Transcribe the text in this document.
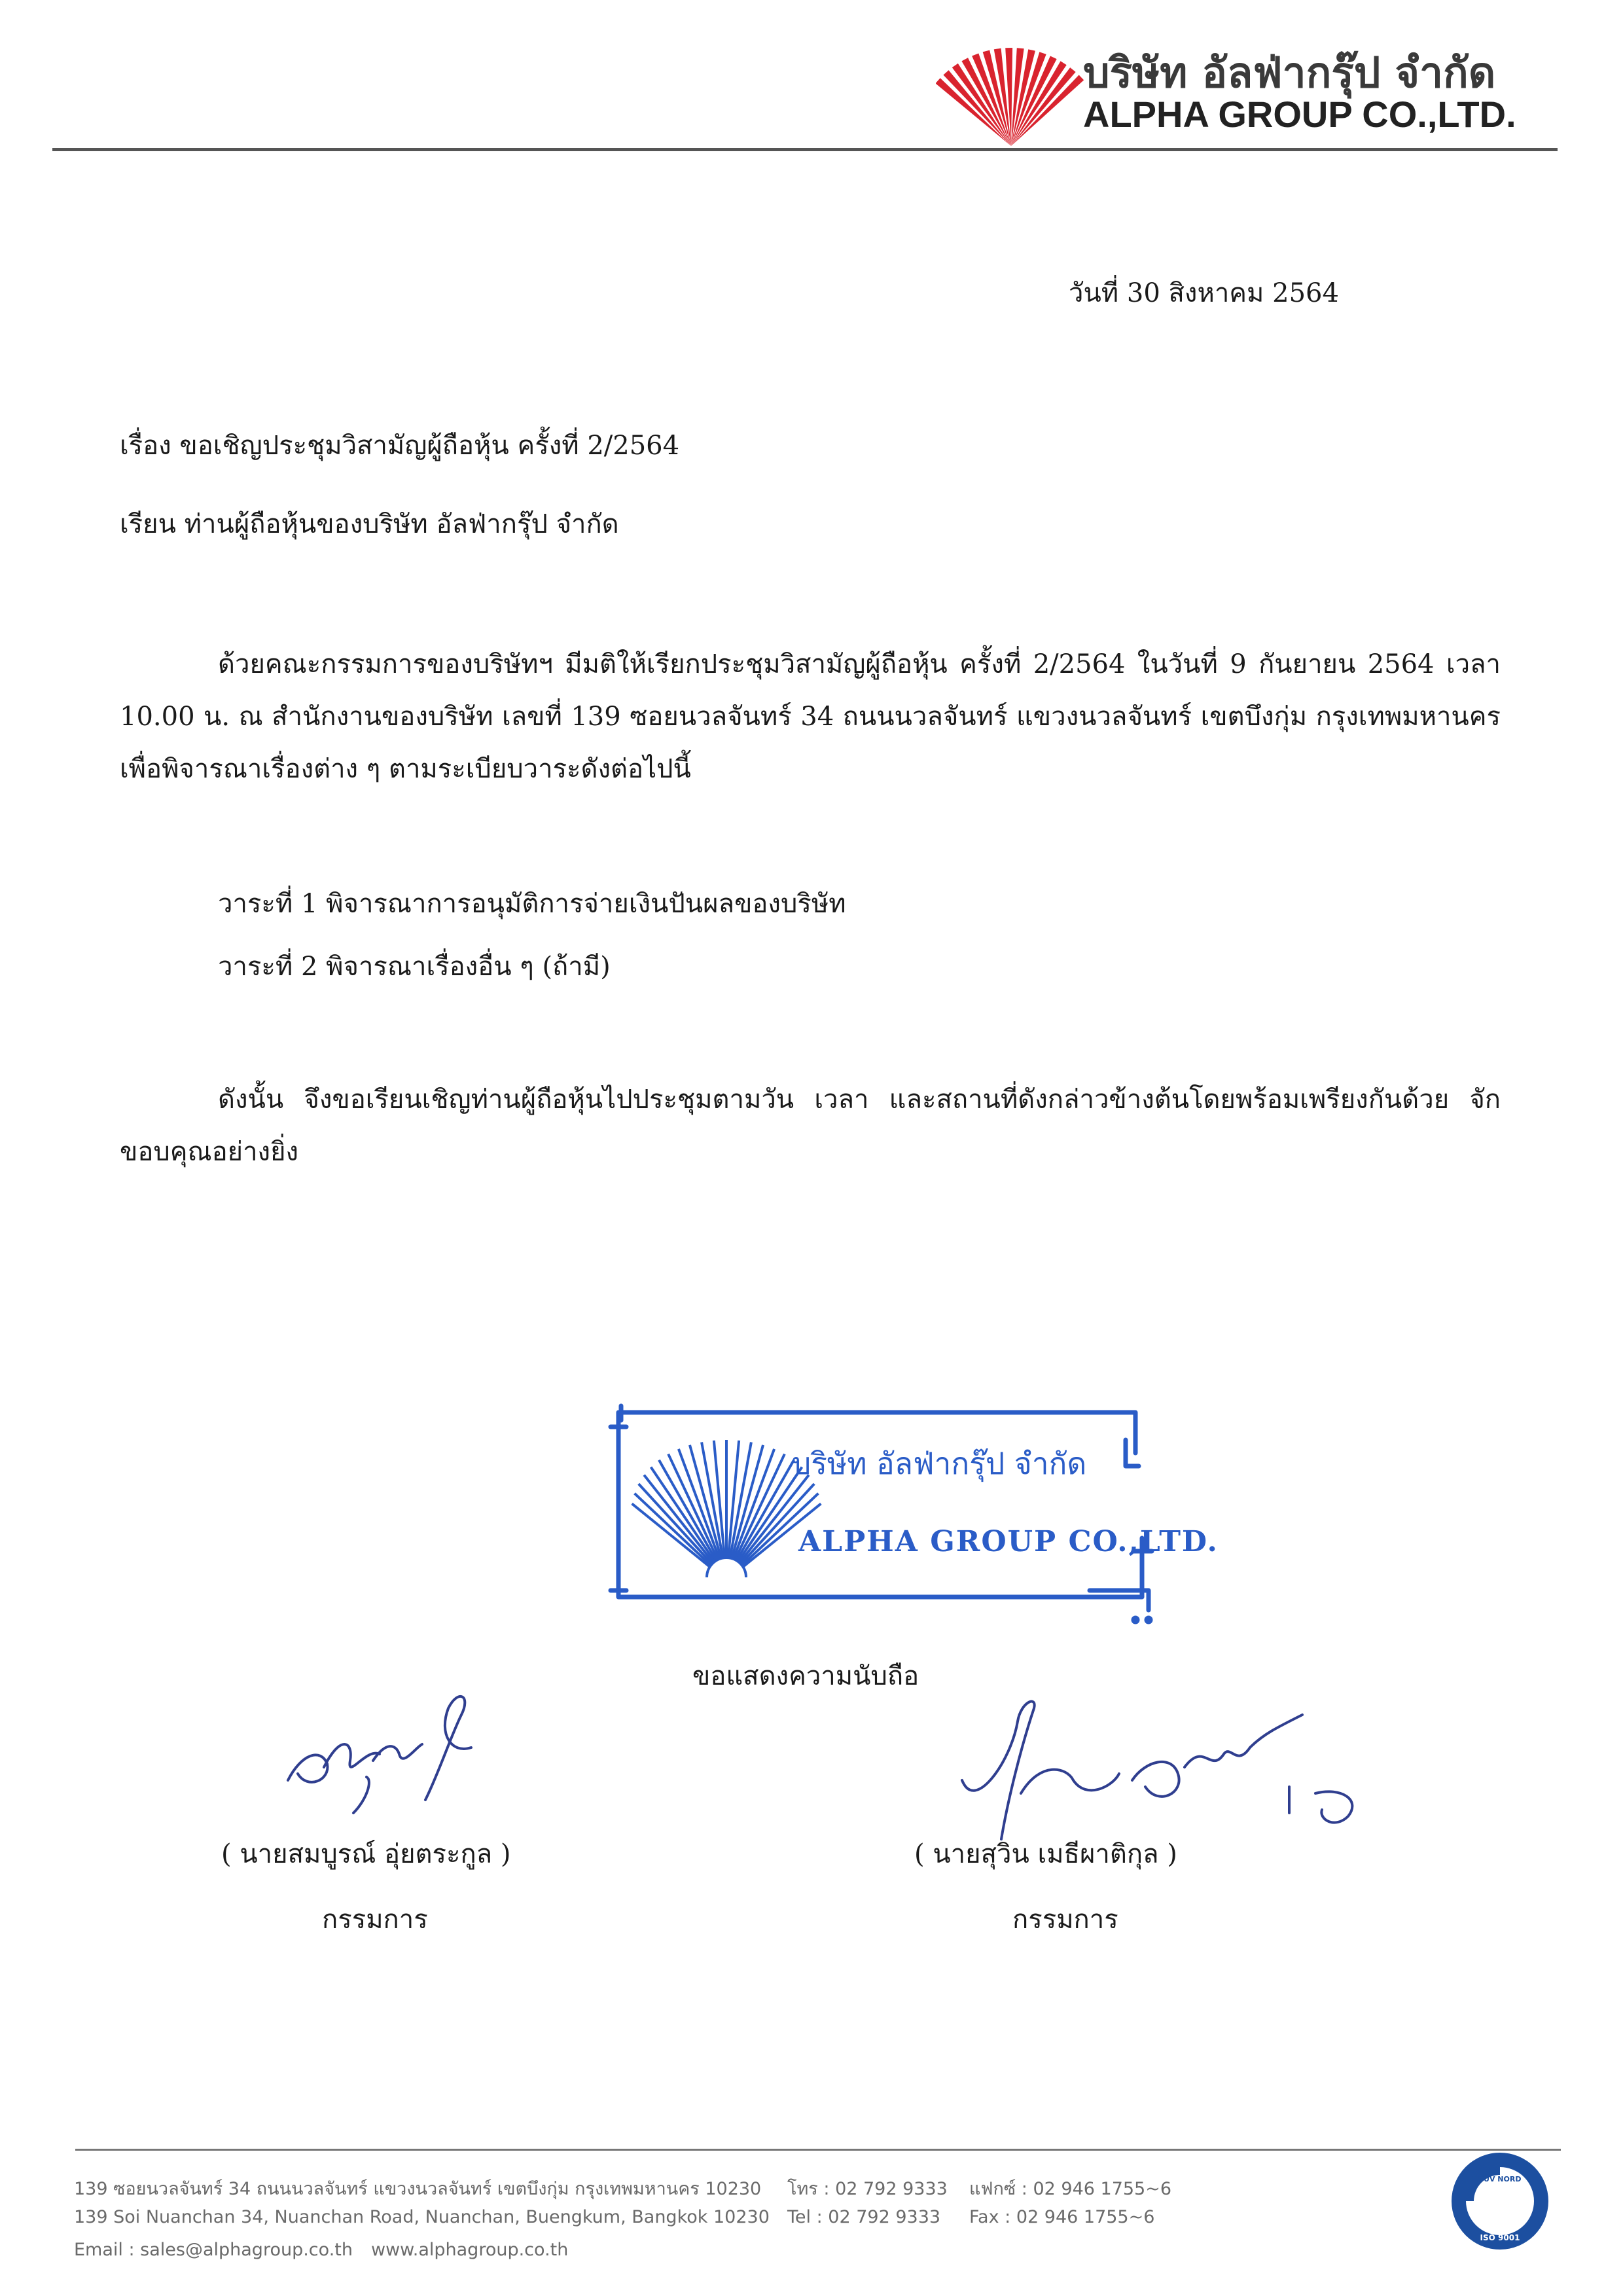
บริษัท อัลฟ่ากรุ๊ป จำกัด
ALPHA GROUP CO.,LTD.
วันที่ 30 สิงหาคม 2564
เรื่อง ขอเชิญประชุมวิสามัญผู้ถือหุ้น ครั้งที่ 2/2564
เรียน ท่านผู้ถือหุ้นของบริษัท อัลฟ่ากรุ๊ป จำกัด
ด้วยคณะกรรมการของบริษัทฯ มีมติให้เรียกประชุมวิสามัญผู้ถือหุ้น ครั้งที่ 2/2564 ในวันที่ 9 กันยายน 2564 เวลา 10.00 น. ณ สำนักงานของบริษัท เลขที่ 139 ซอยนวลจันทร์ 34 ถนนนวลจันทร์ แขวงนวลจันทร์ เขตบึงกุ่ม กรุงเทพมหานคร เพื่อพิจารณาเรื่องต่าง ๆ ตามระเบียบวาระดังต่อไปนี้
วาระที่ 1 พิจารณาการอนุมัติการจ่ายเงินปันผลของบริษัท
วาระที่ 2 พิจารณาเรื่องอื่น ๆ (ถ้ามี)
ดังนั้น จึงขอเรียนเชิญท่านผู้ถือหุ้นไปประชุมตามวัน เวลา และสถานที่ดังกล่าวข้างต้นโดยพร้อมเพรียงกันด้วย จักขอบคุณอย่างยิ่ง
บริษัท อัลฟ่ากรุ๊ป จำกัด
ALPHA GROUP CO.,LTD.
ขอแสดงความนับถือ
( นายสมบูรณ์ อุ่ยตระกูล )
กรรมการ
( นายสุวิน เมธีผาติกุล )
กรรมการ
139 ซอยนวลจันทร์ 34 ถนนนวลจันทร์ แขวงนวลจันทร์ เขตบึงกุ่ม กรุงเทพมหานคร 10230 โทร : 02 792 9333 แฟกซ์ : 02 946 1755~6
139 Soi Nuanchan 34, Nuanchan Road, Nuanchan, Buengkum, Bangkok 10230 Tel : 02 792 9333 Fax : 02 946 1755~6
Email : sales@alphagroup.co.th www.alphagroup.co.th
TUV NORD
ISO 9001
